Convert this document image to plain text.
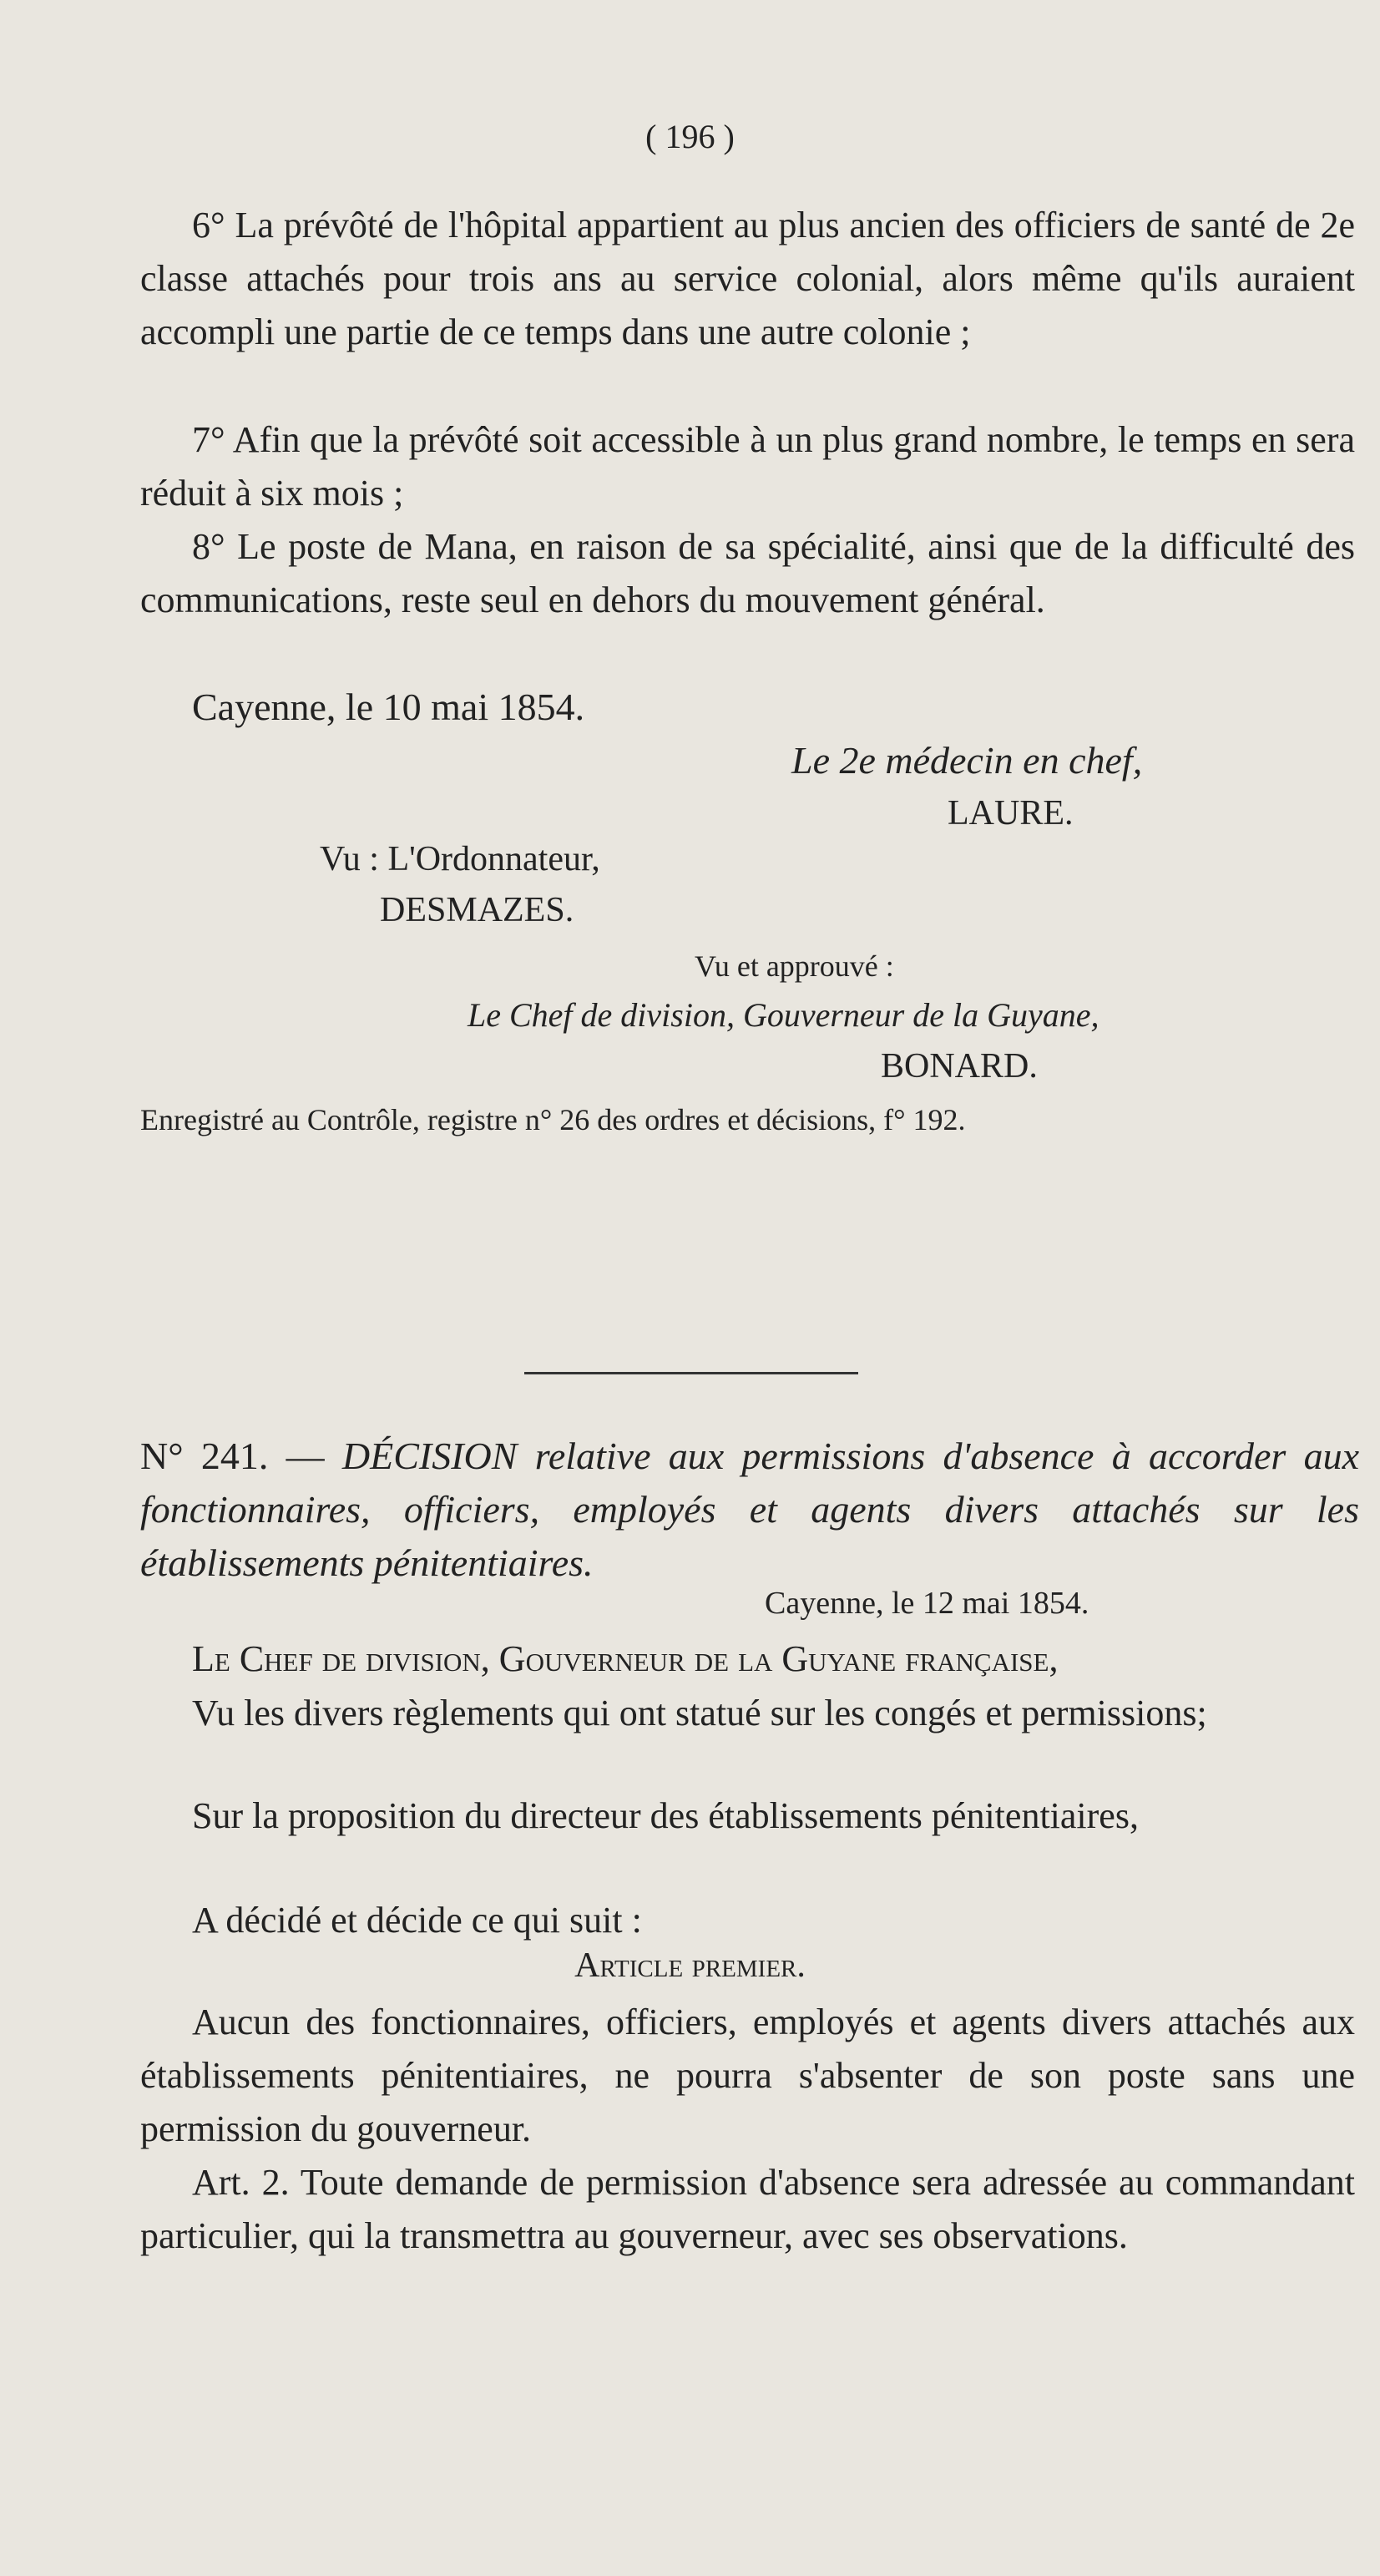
( 196 )

6° La prévôté de l'hôpital appartient au plus ancien des officiers de santé de 2e classe attachés pour trois ans au service colonial, alors même qu'ils auraient accompli une partie de ce temps dans une autre colonie ;

7° Afin que la prévôté soit accessible à un plus grand nombre, le temps en sera réduit à six mois ;

8° Le poste de Mana, en raison de sa spécialité, ainsi que de la difficulté des communications, reste seul en dehors du mouvement général.

Cayenne, le 10 mai 1854.

Le 2e médecin en chef,

LAURE.

Vu : L'Ordonnateur,

DESMAZES.

Vu et approuvé :

Le Chef de division, Gouverneur de la Guyane,

BONARD.

Enregistré au Contrôle, registre n° 26 des ordres et décisions, f° 192.

N° 241. — DÉCISION relative aux permissions d'absence à accorder aux fonctionnaires, officiers, employés et agents divers attachés sur les établissements pénitentiaires.

Cayenne, le 12 mai 1854.

Le Chef de division, Gouverneur de la Guyane française,

Vu les divers règlements qui ont statué sur les congés et permissions;

Sur la proposition du directeur des établissements pénitentiaires,

A décidé et décide ce qui suit :

Article premier.

Aucun des fonctionnaires, officiers, employés et agents divers attachés aux établissements pénitentiaires, ne pourra s'absenter de son poste sans une permission du gouverneur.

Art. 2. Toute demande de permission d'absence sera adressée au commandant particulier, qui la transmettra au gouverneur, avec ses observations.
